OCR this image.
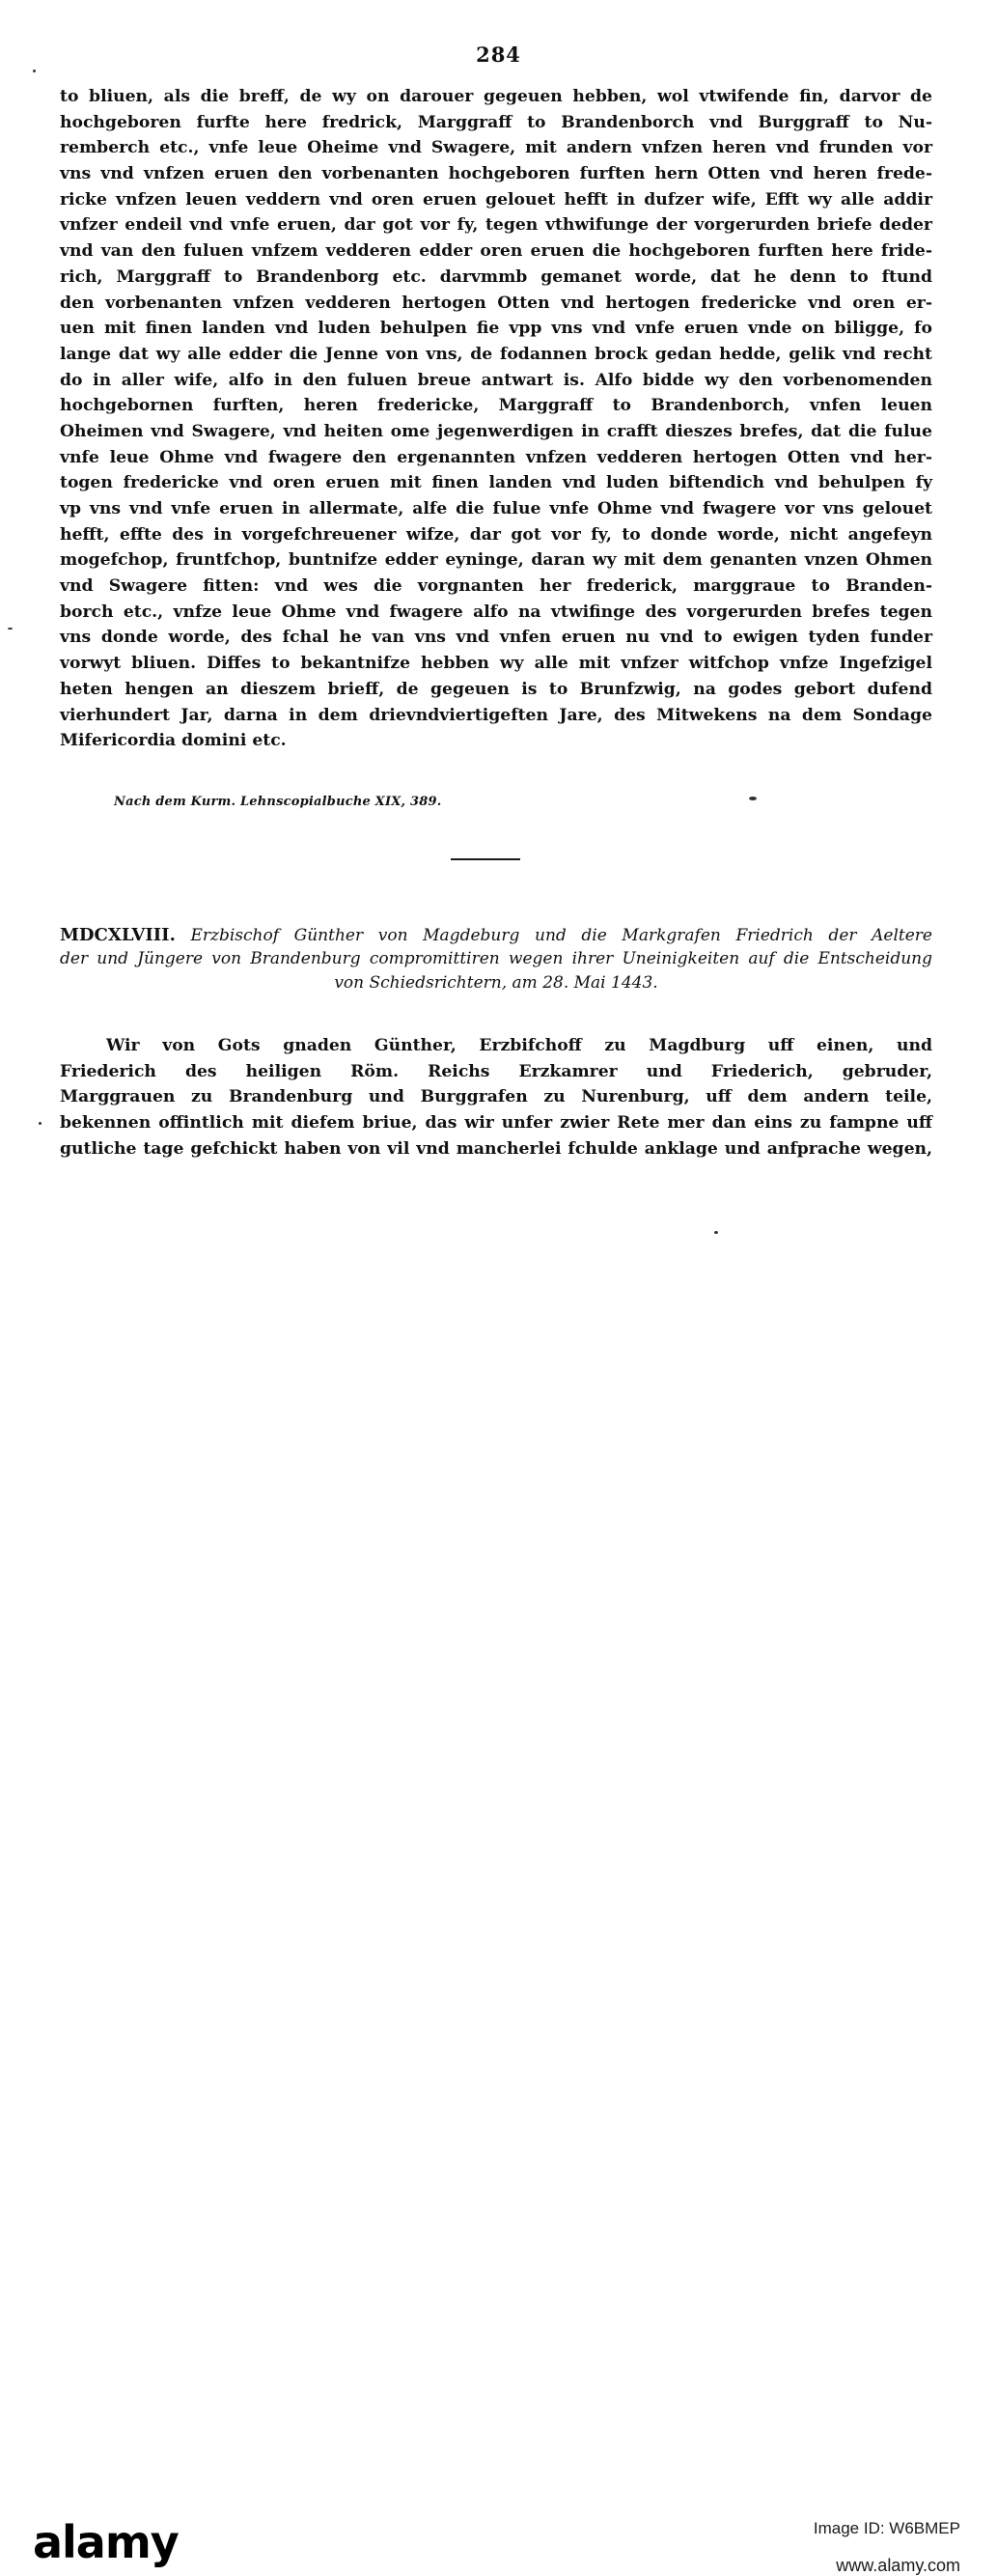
284
to bliuen, als die breff, de wy on darouer gegeuen hebben, wol vtwifende fin, darvor de
hochgeboren furfte here fredrick, Marggraff to Brandenborch vnd Burggraff to Nu-
remberch etc., vnfe leue Oheime vnd Swagere, mit andern vnfzen heren vnd frunden vor
vns vnd vnfzen eruen den vorbenanten hochgeboren furften hern Otten vnd heren frede-
ricke vnfzen leuen veddern vnd oren eruen gelouet hefft in dufzer wife, Efft wy alle addir
vnfzer endeil vnd vnfe eruen, dar got vor fy, tegen vthwifunge der vorgerurden briefe deder
vnd van den fuluen vnfzem vedderen edder oren eruen die hochgeboren furften here fride-
rich, Marggraff to Brandenborg etc. darvmmb gemanet worde, dat he denn to ftund
den vorbenanten vnfzen vedderen hertogen Otten vnd hertogen fredericke vnd oren er-
uen mit finen landen vnd luden behulpen fie vpp vns vnd vnfe eruen vnde on biligge, fo
lange dat wy alle edder die Jenne von vns, de fodannen brock gedan hedde, gelik vnd recht
do in aller wife, alfo in den fuluen breue antwart is. Alfo bidde wy den vorbenomenden
hochgebornen furften, heren fredericke, Marggraff to Brandenborch, vnfen leuen
Oheimen vnd Swagere, vnd heiten ome jegenwerdigen in crafft dieszes brefes, dat die fulue
vnfe leue Ohme vnd fwagere den ergenannten vnfzen vedderen hertogen Otten vnd her-
togen fredericke vnd oren eruen mit finen landen vnd luden biftendich vnd behulpen fy
vp vns vnd vnfe eruen in allermate, alfe die fulue vnfe Ohme vnd fwagere vor vns gelouet
hefft, effte des in vorgefchreuener wifze, dar got vor fy, to donde worde, nicht angefeyn
mogefchop, fruntfchop, buntnifze edder eyninge, daran wy mit dem genanten vnzen Ohmen
vnd Swagere fitten: vnd wes die vorgnanten her frederick, marggraue to Branden-
borch etc., vnfze leue Ohme vnd fwagere alfo na vtwifinge des vorgerurden brefes tegen
vns donde worde, des fchal he van vns vnd vnfen eruen nu vnd to ewigen tyden funder
vorwyt bliuen. Diffes to bekantnifze hebben wy alle mit vnfzer witfchop vnfze Ingefzigel
heten hengen an dieszem brieff, de gegeuen is to Brunfzwig, na godes gebort dufend
vierhundert Jar, darna in dem drievndviertigeften Jare, des Mitwekens na dem Sondage
Mifericordia domini etc.
Nach dem Kurm. Lehnscopialbuche XIX, 389.
MDCXLVIII. Erzbischof Günther von Magdeburg und die Markgrafen Friedrich der Aeltere
der und Jüngere von Brandenburg compromittiren wegen ihrer Uneinigkeiten auf die Entscheidung
von Schiedsrichtern, am 28. Mai 1443.
Wir von Gots gnaden Günther, Erzbifchoff zu Magdburg uff einen, und
Friederich des heiligen Röm. Reichs Erzkamrer und Friederich, gebruder,
Marggrauen zu Brandenburg und Burggrafen zu Nurenburg, uff dem andern teile,
bekennen offintlich mit diefem briue, das wir unfer zwier Rete mer dan eins zu fampne uff
gutliche tage gefchickt haben von vil vnd mancherlei fchulde anklage und anfprache wegen,
alamy	Image ID: W6BMEP
www.alamy.com
